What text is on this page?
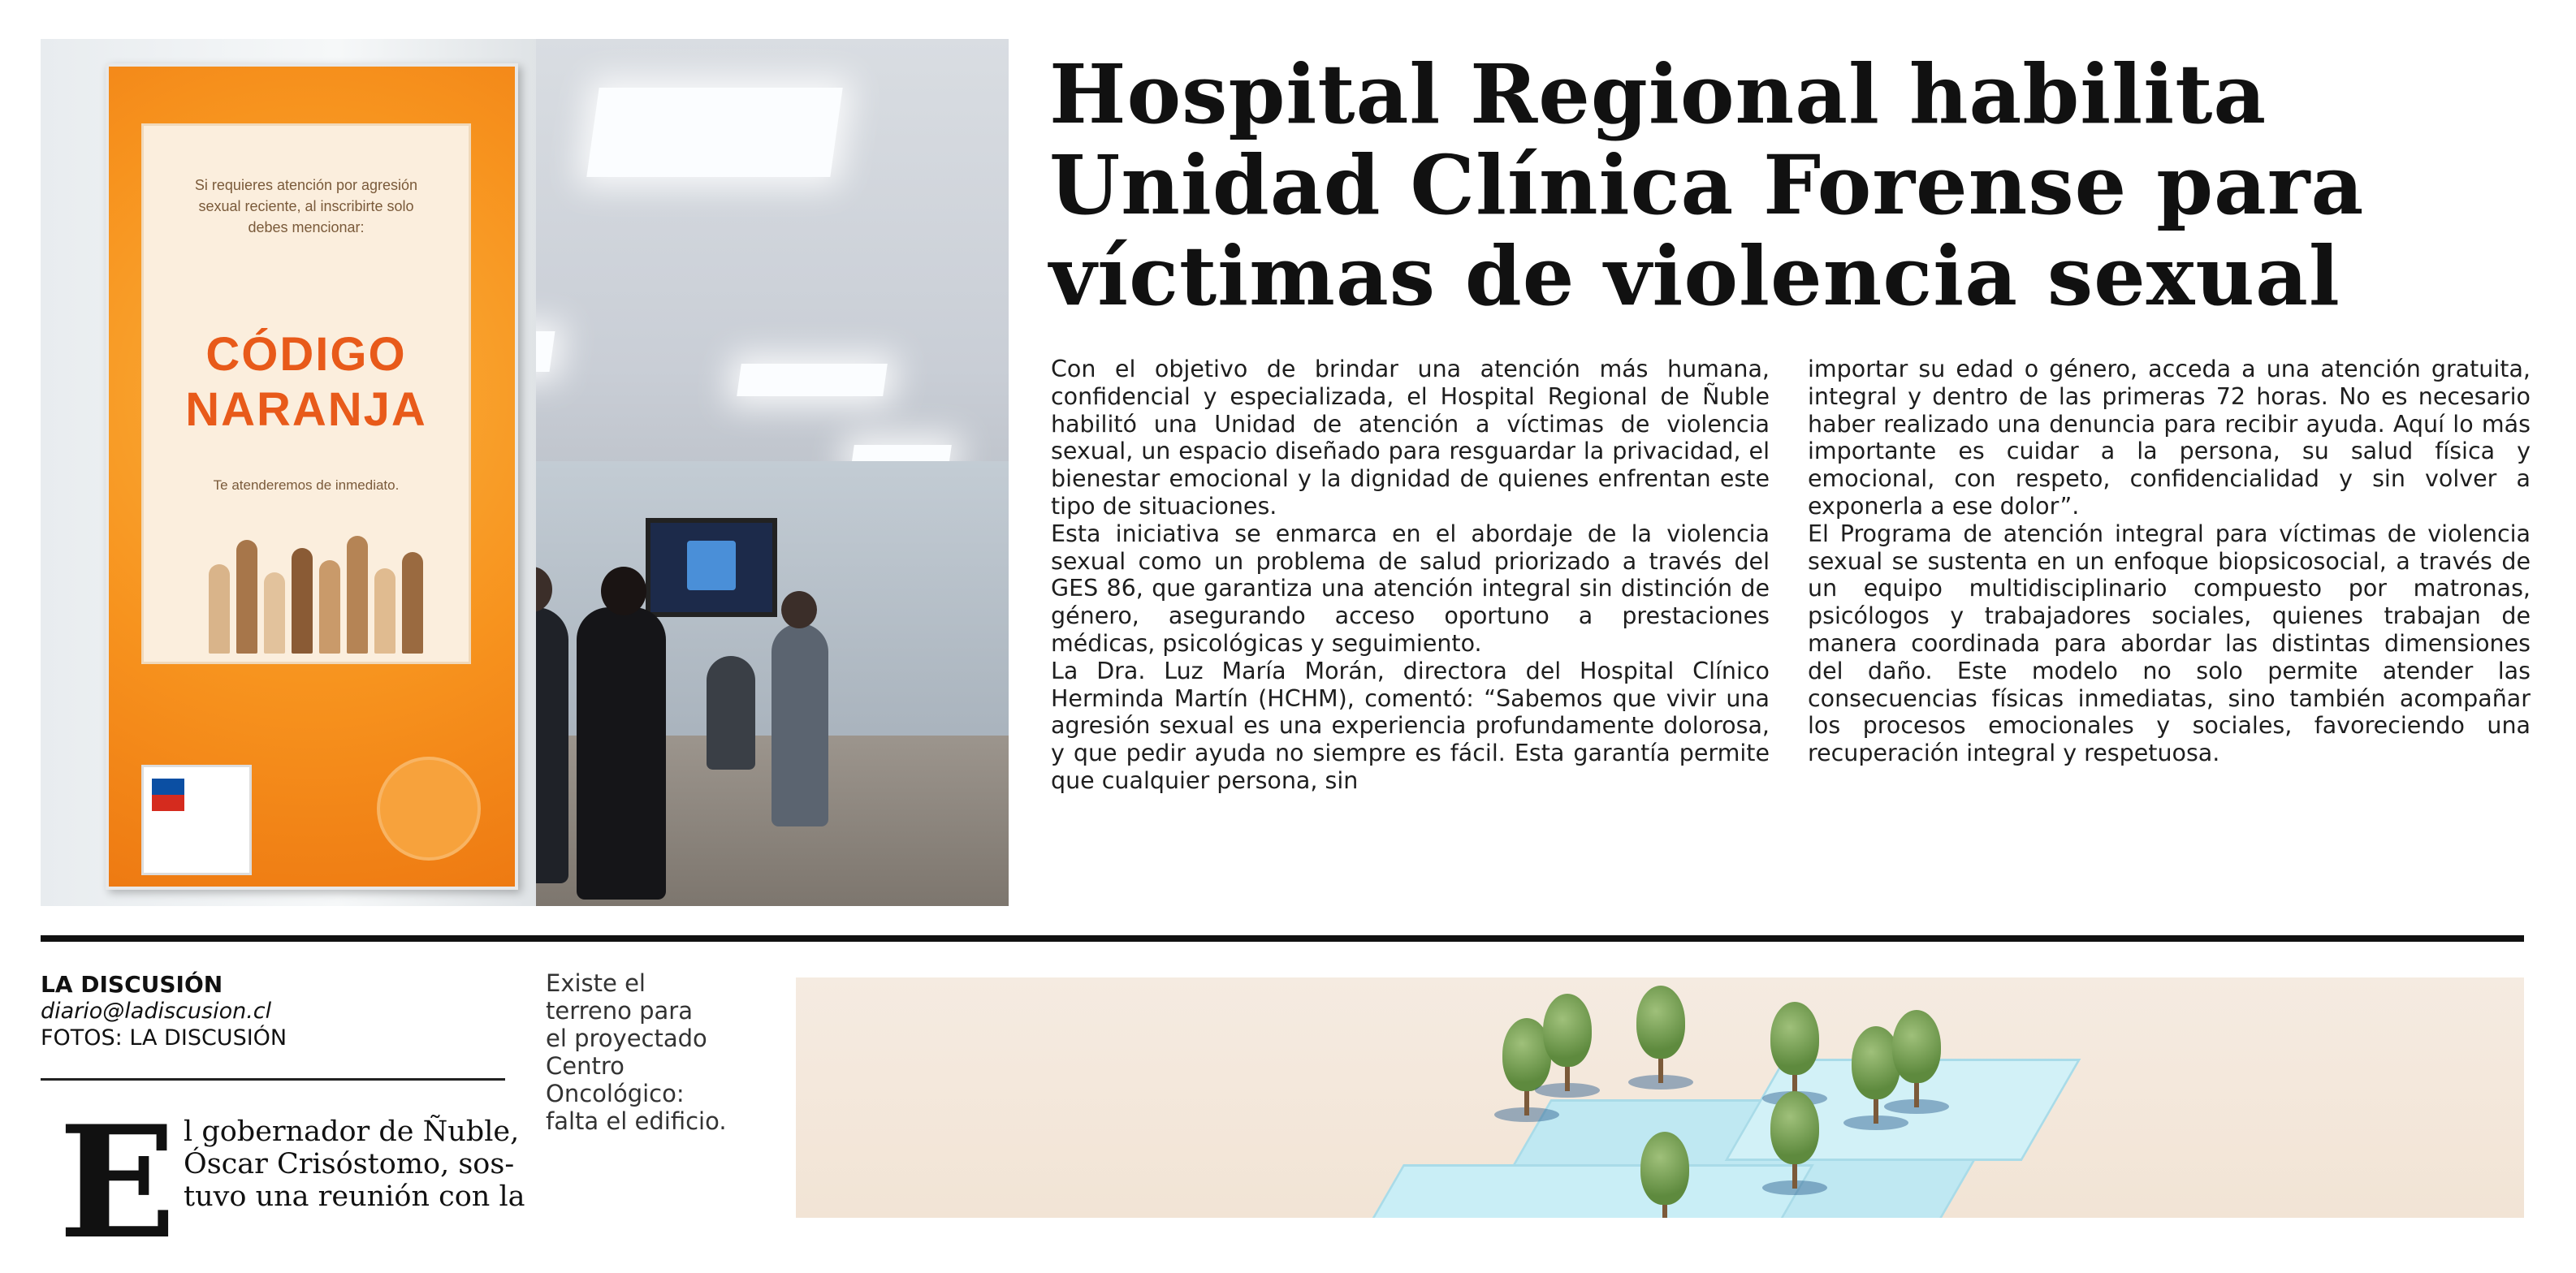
Si requieres atención por agresión sexual reciente, al inscribirte solo debes mencionar:
CÓDIGO
NARANJA
Te atenderemos de inmediato.
Hospital Regional habilita
Unidad Clínica Forense para
víctimas de violencia sexual

Con el objetivo de brindar una atención más humana, confidencial y especializada, el Hospital Regional de Ñuble habilitó una Unidad de atención a víctimas de violencia sexual, un espacio diseñado para resguardar la privacidad, el bienestar emocional y la dignidad de quienes enfrentan este tipo de situaciones.

Esta iniciativa se enmarca en el abordaje de la violencia sexual como un problema de salud priorizado a través del GES 86, que garantiza una atención integral sin distinción de género, asegurando acceso oportuno a prestaciones médicas, psicológicas y seguimiento.

La Dra. Luz María Morán, directora del Hospital Clínico Herminda Martín (HCHM), comentó: “Sabemos que vivir una agresión sexual es una experiencia profundamente dolorosa, y que pedir ayuda no siempre es fácil. Esta garantía permite que cualquier persona, sin

importar su edad o género, acceda a una atención gratuita, integral y dentro de las primeras 72 horas. No es necesario haber realizado una denuncia para recibir ayuda. Aquí lo más importante es cuidar a la persona, su salud física y emocional, con respeto, confidencialidad y sin volver a exponerla a ese dolor”.

El Programa de atención integral para víctimas de violencia sexual se sustenta en un enfoque biopsicosocial, a través de un equipo multidisciplinario compuesto por matronas, psicólogos y trabajadores sociales, quienes trabajan de manera coordinada para abordar las distintas dimensiones del daño. Este modelo no solo permite atender las consecuencias físicas inmediatas, sino también acompañar los procesos emocionales y sociales, favoreciendo una recuperación integral y respetuosa.

LA DISCUSIÓN
diario@ladiscusion.cl
FOTOS: LA DISCUSIÓN
E l gobernador de Ñuble,
Óscar Crisóstomo, sos-
tuvo una reunión con la
Existe el
terreno para
el proyectado
Centro
Oncológico:
falta el edificio.
